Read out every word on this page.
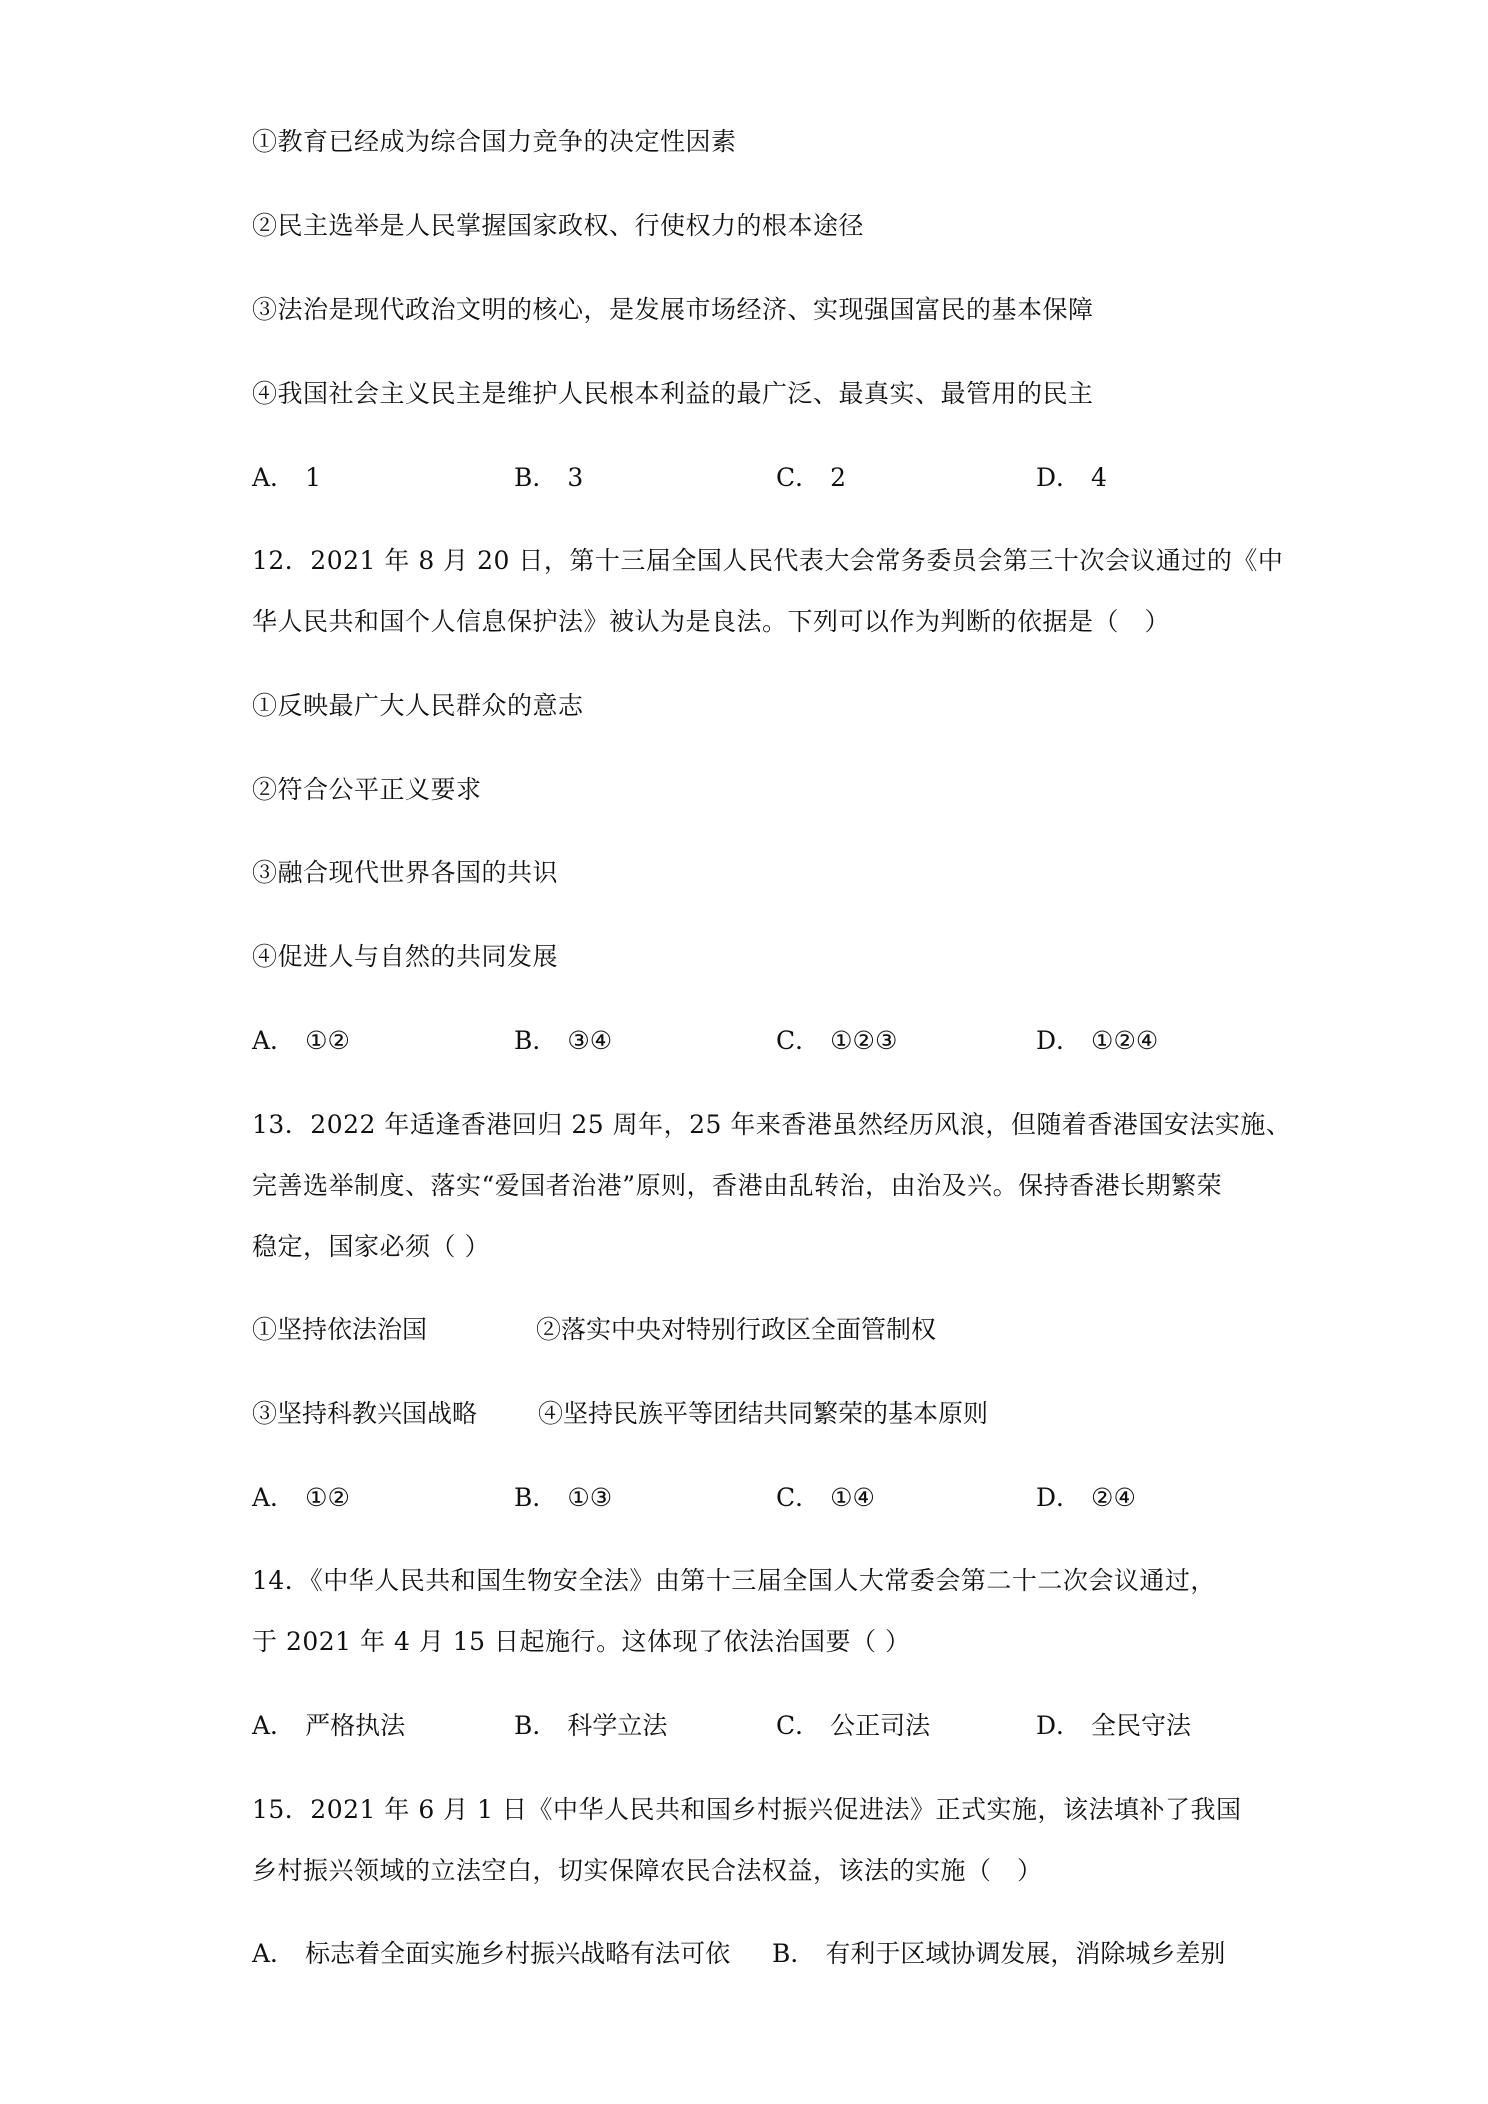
①教育已经成为综合国力竞争的决定性因素
②民主选举是人民掌握国家政权、行使权力的根本途径
③法治是现代政治文明的核心，是发展市场经济、实现强国富民的基本保障
④我国社会主义民主是维护人民根本利益的最广泛、最真实、最管用的民主
A． 1	B． 3	C． 2	D． 4
12．2021 年 8 月 20 日，第十三届全国人民代表大会常务委员会第三十次会议通过的《中
华人民共和国个人信息保护法》被认为是良法。下列可以作为判断的依据是（　）
①反映最广大人民群众的意志
②符合公平正义要求
③融合现代世界各国的共识
④促进人与自然的共同发展
A． ①②	B． ③④	C． ①②③	D． ①②④
13．2022 年适逢香港回归 25 周年，25 年来香港虽然经历风浪，但随着香港国安法实施、
完善选举制度、落实“爱国者治港”原则，香港由乱转治，由治及兴。保持香港长期繁荣
稳定，国家必须（ ）
①坚持依法治国	②落实中央对特别行政区全面管制权
③坚持科教兴国战略 ④坚持民族平等团结共同繁荣的基本原则
A． ①②	B． ①③	C． ①④	D． ②④
14．《中华人民共和国生物安全法》由第十三届全国人大常委会第二十二次会议通过，
于 2021 年 4 月 15 日起施行。这体现了依法治国要（ ）
A． 严格执法	B． 科学立法	C． 公正司法	D． 全民守法
15．2021 年 6 月 1 日《中华人民共和国乡村振兴促进法》正式实施，该法填补了我国
乡村振兴领域的立法空白，切实保障农民合法权益，该法的实施（　）
A． 标志着全面实施乡村振兴战略有法可依 B． 有利于区域协调发展，消除城乡差别
